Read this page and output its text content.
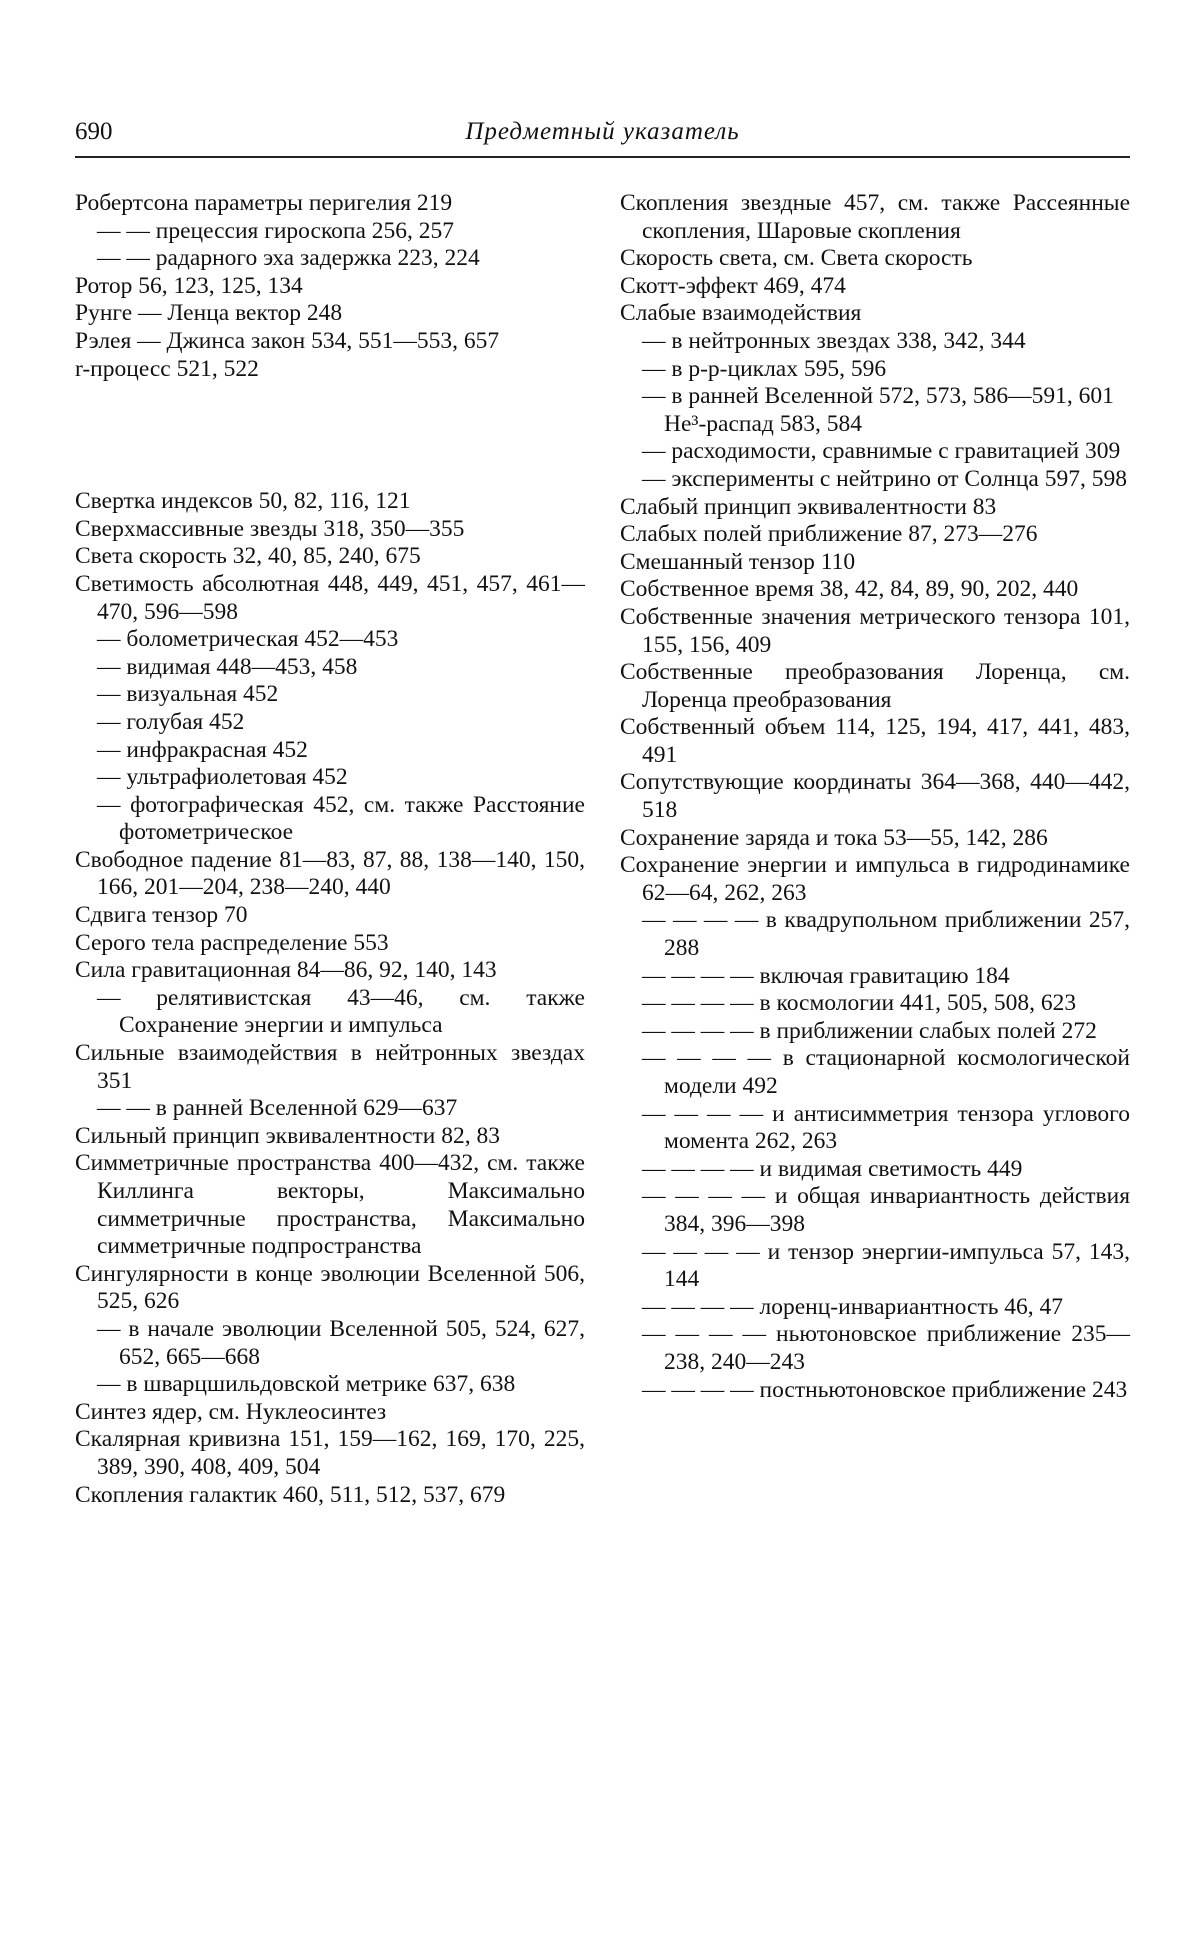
690	Предметный указатель

Робертсона параметры перигелия 219

— — прецессия гироскопа 256, 257

— — радарного эха задержка 223, 224

Ротор 56, 123, 125, 134

Рунге — Ленца вектор 248

Рэлея — Джинса закон 534, 551—553, 657

r-процесс 521, 522

Свертка индексов 50, 82, 116, 121

Сверхмассивные звезды 318, 350—355

Света скорость 32, 40, 85, 240, 675

Светимость абсолютная 448, 449, 451, 457, 461—470, 596—598

— болометрическая 452—453

— видимая 448—453, 458

— визуальная 452

— голубая 452

— инфракрасная 452

— ультрафиолетовая 452

— фотографическая 452, см. также Расстояние фотометрическое

Свободное падение 81—83, 87, 88, 138—140, 150, 166, 201—204, 238—240, 440

Сдвига тензор 70

Серого тела распределение 553

Сила гравитационная 84—86, 92, 140, 143

— релятивистская 43—46, см. также Сохранение энергии и импульса

Сильные взаимодействия в нейтронных звездах 351

— — в ранней Вселенной 629—637

Сильный принцип эквивалентности 82, 83

Симметричные пространства 400—432, см. также Киллинга векторы, Максимально симметричные пространства, Максимально симметричные подпространства

Сингулярности в конце эволюции Вселенной 506, 525, 626

— в начале эволюции Вселенной 505, 524, 627, 652, 665—668

— в шварцшильдовской метрике 637, 638

Синтез ядер, см. Нуклеосинтез

Скалярная кривизна 151, 159—162, 169, 170, 225, 389, 390, 408, 409, 504

Скопления галактик 460, 511, 512, 537, 679

Скопления звездные 457, см. также Рассеянные скопления, Шаровые скопления

Скорость света, см. Света скорость

Скотт-эффект 469, 474

Слабые взаимодействия

— в нейтронных звездах 338, 342, 344

— в p-p-циклах 595, 596

— в ранней Вселенной 572, 573, 586—591, 601

He³-распад 583, 584

— расходимости, сравнимые с гравитацией 309

— эксперименты с нейтрино от Солнца 597, 598

Слабый принцип эквивалентности 83

Слабых полей приближение 87, 273—276

Смешанный тензор 110

Собственное время 38, 42, 84, 89, 90, 202, 440

Собственные значения метрического тензора 101, 155, 156, 409

Собственные преобразования Лоренца, см. Лоренца преобразования

Собственный объем 114, 125, 194, 417, 441, 483, 491

Сопутствующие координаты 364—368, 440—442, 518

Сохранение заряда и тока 53—55, 142, 286

Сохранение энергии и импульса в гидродинамике 62—64, 262, 263

— — — — в квадрупольном приближении 257, 288

— — — — включая гравитацию 184

— — — — в космологии 441, 505, 508, 623

— — — — в приближении слабых полей 272

— — — — в стационарной космологической модели 492

— — — — и антисимметрия тензора углового момента 262, 263

— — — — и видимая светимость 449

— — — — и общая инвариантность действия 384, 396—398

— — — — и тензор энергии-импульса 57, 143, 144

— — — — лоренц-инвариантность 46, 47

— — — — ньютоновское приближение 235—238, 240—243

— — — — постньютоновское приближение 243
